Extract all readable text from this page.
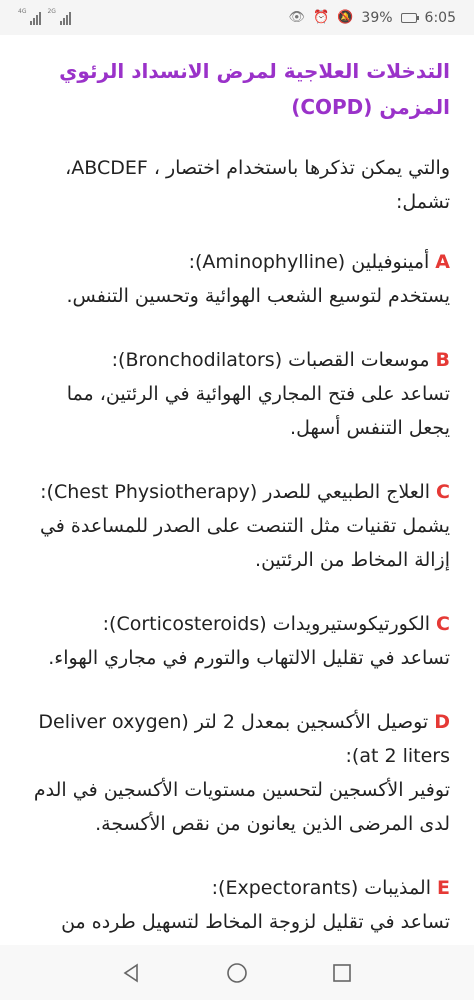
4G	2G	👁 ⏰ 🔕 39% 6:05
التدخلات العلاجية لمرض الانسداد الرئوي المزمن (COPD)
والتي يمكن تذكرها باستخدام اختصار ، ABCDEF، تشمل:
Aأمينوفيلين (Aminophylline):
يستخدم لتوسيع الشعب الهوائية وتحسين التنفس.
Bموسعات القصبات (Bronchodilators):
تساعد على فتح المجاري الهوائية في الرئتين، مما يجعل التنفس أسهل.
Cالعلاج الطبيعي للصدر (Chest Physiotherapy):
يشمل تقنيات مثل التنصت على الصدر للمساعدة في إزالة المخاط من الرئتين.
Cالكورتيكوستيرويدات (Corticosteroids):
تساعد في تقليل الالتهاب والتورم في مجاري الهواء.
Dتوصيل الأكسجين بمعدل 2 لتر (Deliver oxygen at 2 liters):
توفير الأكسجين لتحسين مستويات الأكسجين في الدم لدى المرضى الذين يعانون من نقص الأكسجة.
Eالمذيبات (Expectorants):
تساعد في تقليل لزوجة المخاط لتسهيل طرده من
